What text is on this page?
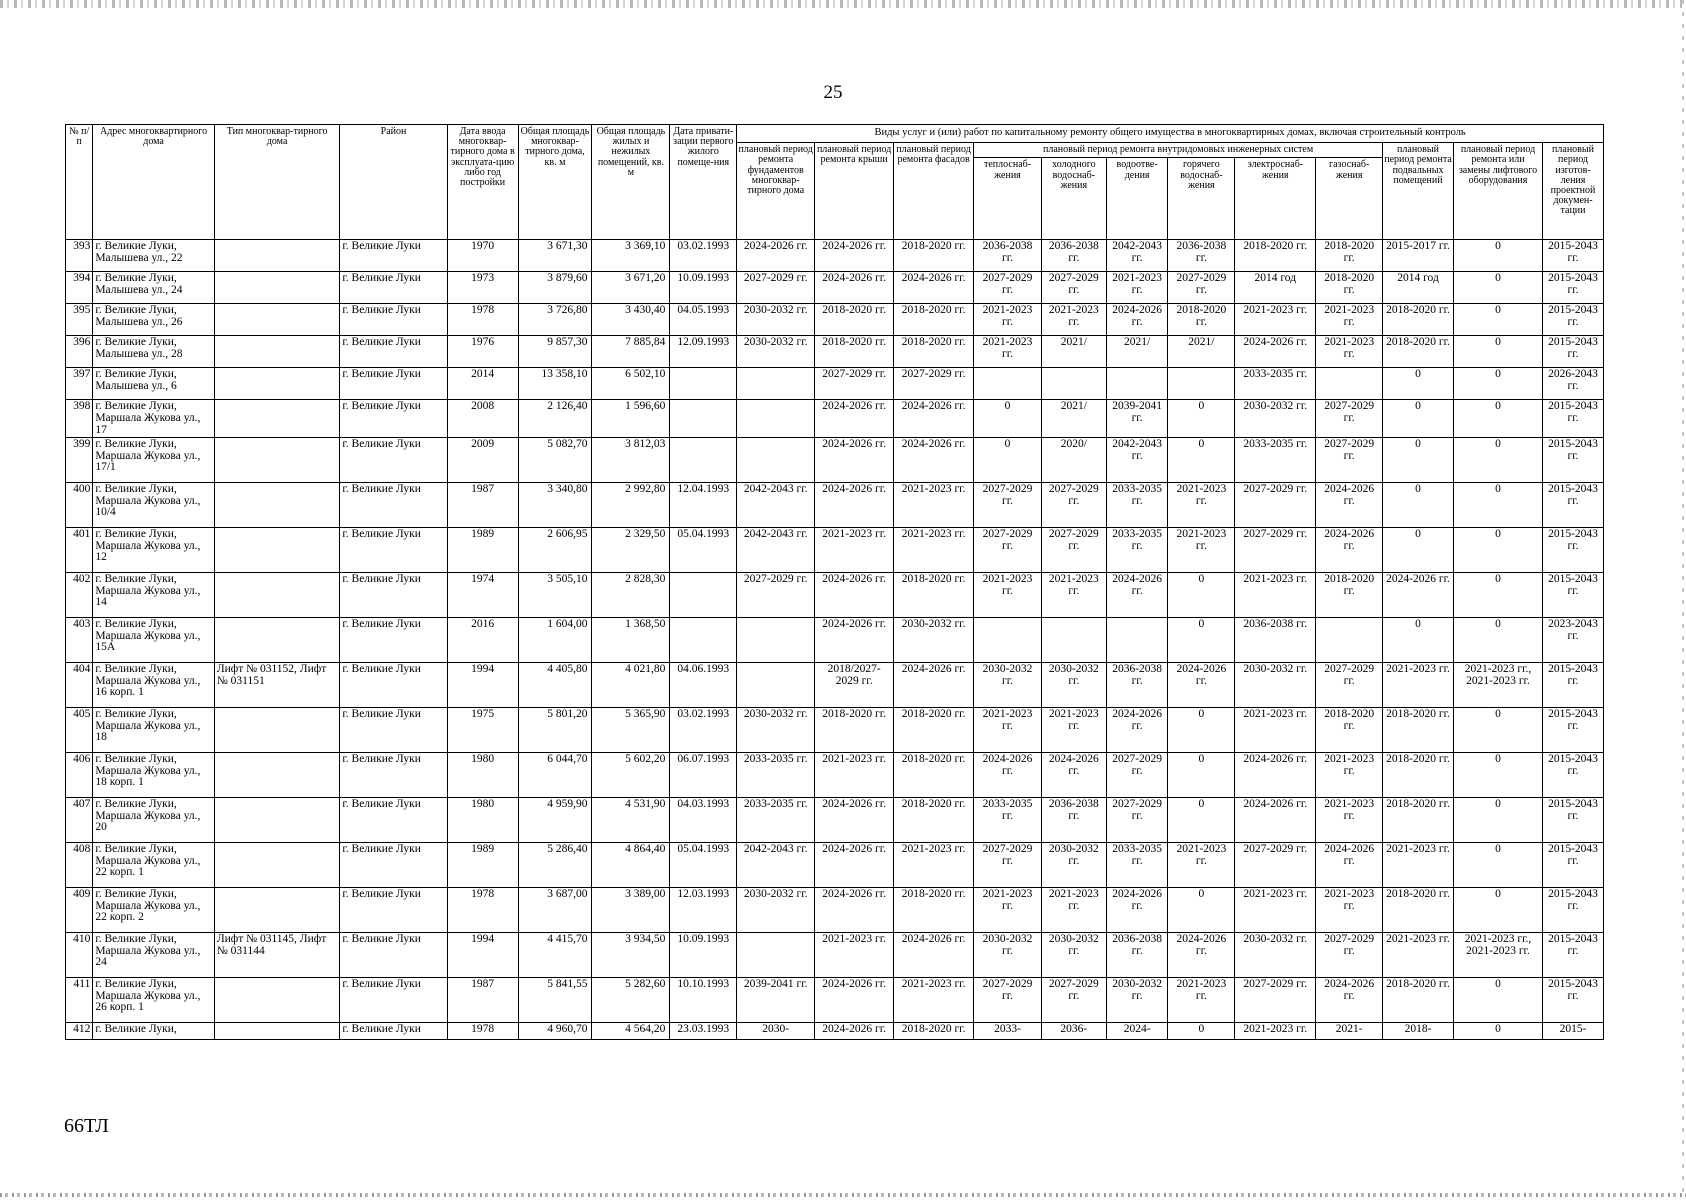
25
№ п/п	Адрес многоквартирного дома	Тип многоквар-тирного дома	Район	Дата ввода многоквар-тирного дома в эксплуата-цию либо год постройки	Общая площадь многоквар-тирного дома, кв. м	Общая площадь жилых и нежилых помещений, кв. м	Дата привати-зации первого жилого помеще-ния	Виды услуг и (или) работ по капитальному ремонту общего имущества в многоквартирных домах, включая строительный контроль											
								плановый период ремонта фундаментов многоквар-тирного дома	плановый период ремонта крыши	плановый период ремонта фасадов	плановый период ремонта внутридомовых инженерных систем						плановый период ремонта подвальных помещений	плановый период ремонта или замены лифтового оборудования	плановый период изготов-ления проектной докумен-тации
											теплоснаб-жения	холодного водоснаб-жения	водоотве-дения	горячего водоснаб-жения	электроснаб-жения	газоснаб-жения			
393	г. Великие Луки, Малышева ул., 22		г. Великие Луки	1970	3 671,30	3 369,10	03.02.1993	2024-2026 гг.	2024-2026 гг.	2018-2020 гг.	2036-2038 гг.	2036-2038 гг.	2042-2043 гг.	2036-2038 гг.	2018-2020 гг.	2018-2020 гг.	2015-2017 гг.	0	2015-2043 гг.
394	г. Великие Луки, Малышева ул., 24		г. Великие Луки	1973	3 879,60	3 671,20	10.09.1993	2027-2029 гг.	2024-2026 гг.	2024-2026 гг.	2027-2029 гг.	2027-2029 гг.	2021-2023 гг.	2027-2029 гг.	2014 год	2018-2020 гг.	2014 год	0	2015-2043 гг.
395	г. Великие Луки, Малышева ул., 26		г. Великие Луки	1978	3 726,80	3 430,40	04.05.1993	2030-2032 гг.	2018-2020 гг.	2018-2020 гг.	2021-2023 гг.	2021-2023 гг.	2024-2026 гг.	2018-2020 гг.	2021-2023 гг.	2021-2023 гг.	2018-2020 гг.	0	2015-2043 гг.
396	г. Великие Луки, Малышева ул., 28		г. Великие Луки	1976	9 857,30	7 885,84	12.09.1993	2030-2032 гг.	2018-2020 гг.	2018-2020 гг.	2021-2023 гг.	2021/	2021/	2021/	2024-2026 гг.	2021-2023 гг.	2018-2020 гг.	0	2015-2043 гг.
397	г. Великие Луки, Малышева ул., 6		г. Великие Луки	2014	13 358,10	6 502,10			2027-2029 гг.	2027-2029 гг.					2033-2035 гг.		0	0	2026-2043 гг.
398	г. Великие Луки, Маршала Жукова ул., 17		г. Великие Луки	2008	2 126,40	1 596,60			2024-2026 гг.	2024-2026 гг.	0	2021/	2039-2041 гг.	0	2030-2032 гг.	2027-2029 гг.	0	0	2015-2043 гг.
399	г. Великие Луки, Маршала Жукова ул., 17/1		г. Великие Луки	2009	5 082,70	3 812,03			2024-2026 гг.	2024-2026 гг.	0	2020/	2042-2043 гг.	0	2033-2035 гг.	2027-2029 гг.	0	0	2015-2043 гг.
400	г. Великие Луки, Маршала Жукова ул., 10/4		г. Великие Луки	1987	3 340,80	2 992,80	12.04.1993	2042-2043 гг.	2024-2026 гг.	2021-2023 гг.	2027-2029 гг.	2027-2029 гг.	2033-2035 гг.	2021-2023 гг.	2027-2029 гг.	2024-2026 гг.	0	0	2015-2043 гг.
401	г. Великие Луки, Маршала Жукова ул., 12		г. Великие Луки	1989	2 606,95	2 329,50	05.04.1993	2042-2043 гг.	2021-2023 гг.	2021-2023 гг.	2027-2029 гг.	2027-2029 гг.	2033-2035 гг.	2021-2023 гг.	2027-2029 гг.	2024-2026 гг.	0	0	2015-2043 гг.
402	г. Великие Луки, Маршала Жукова ул., 14		г. Великие Луки	1974	3 505,10	2 828,30		2027-2029 гг.	2024-2026 гг.	2018-2020 гг.	2021-2023 гг.	2021-2023 гг.	2024-2026 гг.	0	2021-2023 гг.	2018-2020 гг.	2024-2026 гг.	0	2015-2043 гг.
403	г. Великие Луки, Маршала Жукова ул., 15А		г. Великие Луки	2016	1 604,00	1 368,50			2024-2026 гг.	2030-2032 гг.				0	2036-2038 гг.		0	0	2023-2043 гг.
404	г. Великие Луки, Маршала Жукова ул., 16 корп. 1	Лифт № 031152, Лифт № 031151	г. Великие Луки	1994	4 405,80	4 021,80	04.06.1993		2018/2027-2029 гг.	2024-2026 гг.	2030-2032 гг.	2030-2032 гг.	2036-2038 гг.	2024-2026 гг.	2030-2032 гг.	2027-2029 гг.	2021-2023 гг.	2021-2023 гг., 2021-2023 гг.	2015-2043 гг.
405	г. Великие Луки, Маршала Жукова ул., 18		г. Великие Луки	1975	5 801,20	5 365,90	03.02.1993	2030-2032 гг.	2018-2020 гг.	2018-2020 гг.	2021-2023 гг.	2021-2023 гг.	2024-2026 гг.	0	2021-2023 гг.	2018-2020 гг.	2018-2020 гг.	0	2015-2043 гг.
406	г. Великие Луки, Маршала Жукова ул., 18 корп. 1		г. Великие Луки	1980	6 044,70	5 602,20	06.07.1993	2033-2035 гг.	2021-2023 гг.	2018-2020 гг.	2024-2026 гг.	2024-2026 гг.	2027-2029 гг.	0	2024-2026 гг.	2021-2023 гг.	2018-2020 гг.	0	2015-2043 гг.
407	г. Великие Луки, Маршала Жукова ул., 20		г. Великие Луки	1980	4 959,90	4 531,90	04.03.1993	2033-2035 гг.	2024-2026 гг.	2018-2020 гг.	2033-2035 гг.	2036-2038 гг.	2027-2029 гг.	0	2024-2026 гг.	2021-2023 гг.	2018-2020 гг.	0	2015-2043 гг.
408	г. Великие Луки, Маршала Жукова ул., 22 корп. 1		г. Великие Луки	1989	5 286,40	4 864,40	05.04.1993	2042-2043 гг.	2024-2026 гг.	2021-2023 гг.	2027-2029 гг.	2030-2032 гг.	2033-2035 гг.	2021-2023 гг.	2027-2029 гг.	2024-2026 гг.	2021-2023 гг.	0	2015-2043 гг.
409	г. Великие Луки, Маршала Жукова ул., 22 корп. 2		г. Великие Луки	1978	3 687,00	3 389,00	12.03.1993	2030-2032 гг.	2024-2026 гг.	2018-2020 гг.	2021-2023 гг.	2021-2023 гг.	2024-2026 гг.	0	2021-2023 гг.	2021-2023 гг.	2018-2020 гг.	0	2015-2043 гг.
410	г. Великие Луки, Маршала Жукова ул., 24	Лифт № 031145, Лифт № 031144	г. Великие Луки	1994	4 415,70	3 934,50	10.09.1993		2021-2023 гг.	2024-2026 гг.	2030-2032 гг.	2030-2032 гг.	2036-2038 гг.	2024-2026 гг.	2030-2032 гг.	2027-2029 гг.	2021-2023 гг.	2021-2023 гг., 2021-2023 гг.	2015-2043 гг.
411	г. Великие Луки, Маршала Жукова ул., 26 корп. 1		г. Великие Луки	1987	5 841,55	5 282,60	10.10.1993	2039-2041 гг.	2024-2026 гг.	2021-2023 гг.	2027-2029 гг.	2027-2029 гг.	2030-2032 гг.	2021-2023 гг.	2027-2029 гг.	2024-2026 гг.	2018-2020 гг.	0	2015-2043 гг.
412	г. Великие Луки,		г. Великие Луки	1978	4 960,70	4 564,20	23.03.1993	2030-	2024-2026 гг.	2018-2020 гг.	2033-	2036-	2024-	0	2021-2023 гг.	2021-	2018-	0	2015-
66ТЛ
